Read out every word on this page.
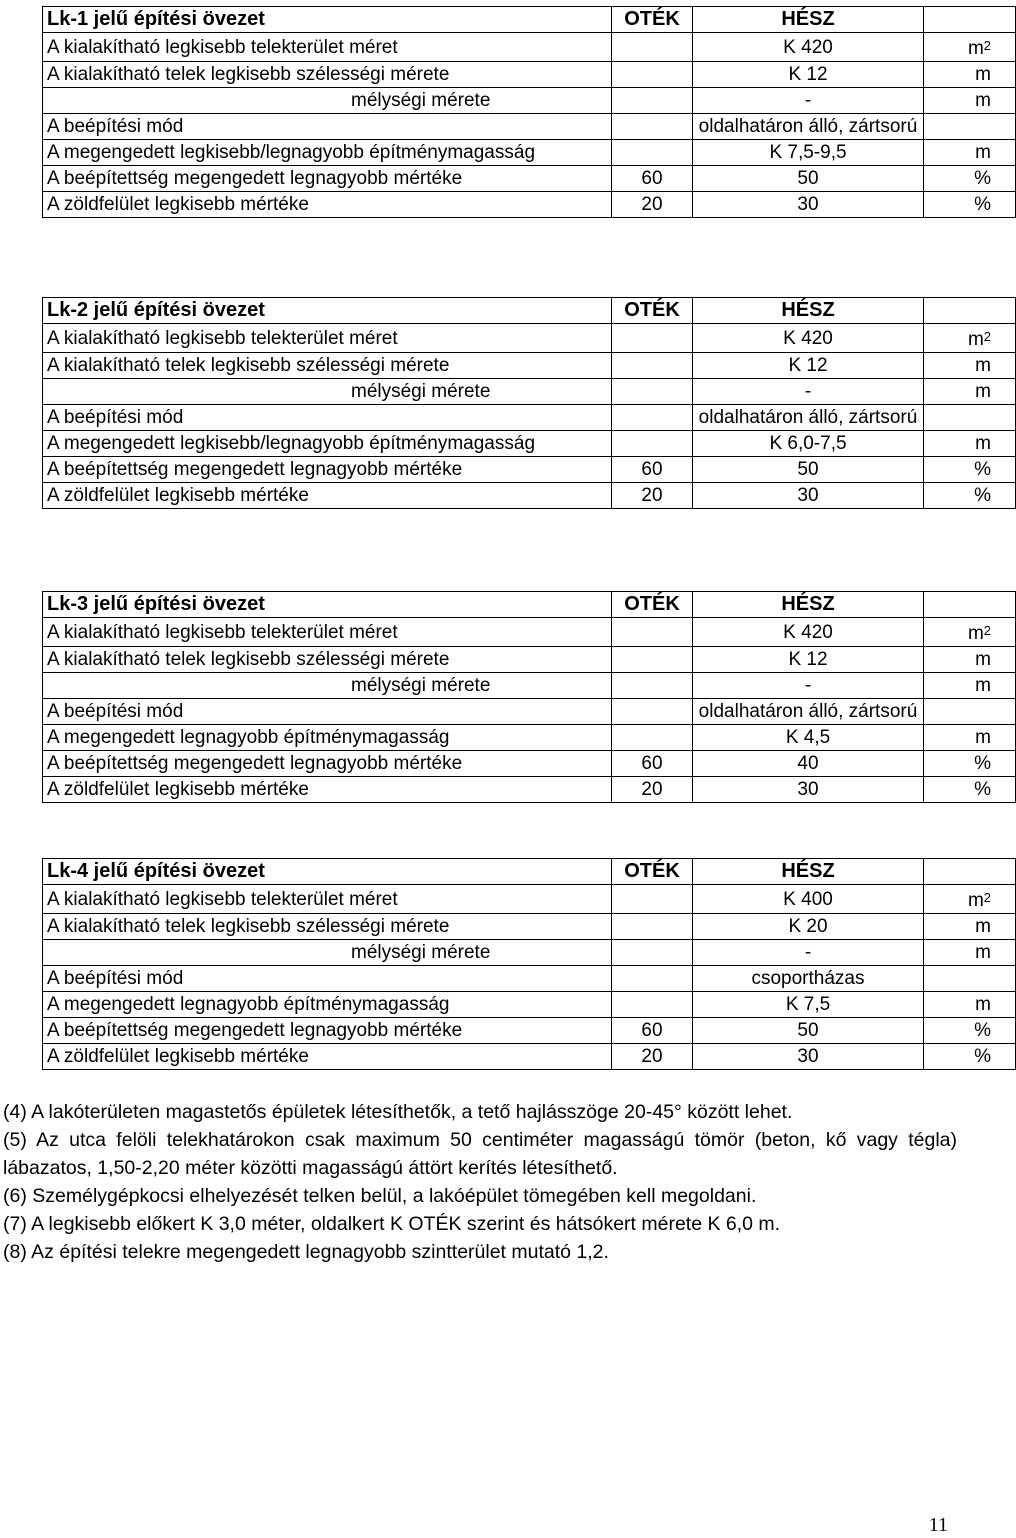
Lk-1 jelű építési övezet	OTÉK	HÉSZ	
A kialakítható legkisebb telekterület méret		K 420	$m^2$
A kialakítható telek legkisebb szélességi mérete		K 12	m
mélységi mérete		-	m
A beépítési mód		oldalhatáron álló, zártsorú	
A megengedett legkisebb/legnagyobb építménymagasság		K 7,5-9,5	m
A beépítettség megengedett legnagyobb mértéke	60	50	%
A zöldfelület legkisebb mértéke	20	30	%
Lk-2 jelű építési övezet	OTÉK	HÉSZ	
A kialakítható legkisebb telekterület méret		K 420	$m^2$
A kialakítható telek legkisebb szélességi mérete		K 12	m
mélységi mérete		-	m
A beépítési mód		oldalhatáron álló, zártsorú	
A megengedett legkisebb/legnagyobb építménymagasság		K 6,0-7,5	m
A beépítettség megengedett legnagyobb mértéke	60	50	%
A zöldfelület legkisebb mértéke	20	30	%
Lk-3 jelű építési övezet	OTÉK	HÉSZ	
A kialakítható legkisebb telekterület méret		K 420	$m^2$
A kialakítható telek legkisebb szélességi mérete		K 12	m
mélységi mérete		-	m
A beépítési mód		oldalhatáron álló, zártsorú	
A megengedett legnagyobb építménymagasság		K 4,5	m
A beépítettség megengedett legnagyobb mértéke	60	40	%
A zöldfelület legkisebb mértéke	20	30	%
Lk-4 jelű építési övezet	OTÉK	HÉSZ	
A kialakítható legkisebb telekterület méret		K 400	$m^2$
A kialakítható telek legkisebb szélességi mérete		K 20	m
mélységi mérete		-	m
A beépítési mód		csoportházas	
A megengedett legnagyobb építménymagasság		K 7,5	m
A beépítettség megengedett legnagyobb mértéke	60	50	%
A zöldfelület legkisebb mértéke	20	30	%

(4) A lakóterületen magastetős épületek létesíthetők, a tető hajlásszöge 20-45° között lehet.

(5) Az utca felöli telekhatárokon csak maximum 50 centiméter magasságú tömör (beton, kő vagy tégla) lábazatos, 1,50-2,20 méter közötti magasságú áttört kerítés létesíthető.

(6) Személygépkocsi elhelyezését telken belül, a lakóépület tömegében kell megoldani.

(7) A legkisebb előkert K 3,0 méter, oldalkert K OTÉK szerint és hátsókert mérete K 6,0 m.

(8) Az építési telekre megengedett legnagyobb szintterület mutató 1,2.

11
